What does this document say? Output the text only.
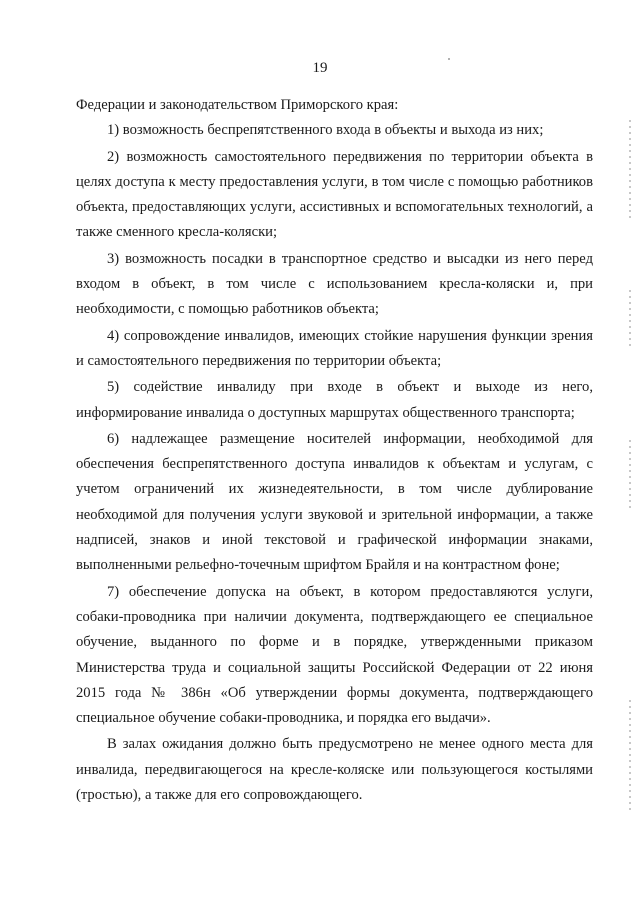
19

Федерации и законодательством Приморского края:

1) возможность беспрепятственного входа в объекты и выхода из них;

2) возможность самостоятельного передвижения по территории объекта в целях доступа к месту предоставления услуги, в том числе с помощью работников объекта, предоставляющих услуги, ассистивных и вспомогательных технологий, а также сменного кресла-коляски;

3) возможность посадки в транспортное средство и высадки из него перед входом в объект, в том числе с использованием кресла-коляски и, при необходимости, с помощью работников объекта;

4) сопровождение инвалидов, имеющих стойкие нарушения функции зрения и самостоятельного передвижения по территории объекта;

5) содействие инвалиду при входе в объект и выходе из него, информирование инвалида о доступных маршрутах общественного транспорта;

6) надлежащее размещение носителей информации, необходимой для обеспечения беспрепятственного доступа инвалидов к объектам и услугам, с учетом ограничений их жизнедеятельности, в том числе дублирование необходимой для получения услуги звуковой и зрительной информации, а также надписей, знаков и иной текстовой и графической информации знаками, выполненными рельефно-точечным шрифтом Брайля и на контрастном фоне;

7) обеспечение допуска на объект, в котором предоставляются услуги, собаки-проводника при наличии документа, подтверждающего ее специальное обучение, выданного по форме и в порядке, утвержденными приказом Министерства труда и социальной защиты Российской Федерации от 22 июня 2015 года № 386н «Об утверждении формы документа, подтверждающего специальное обучение собаки-проводника, и порядка его выдачи».

В залах ожидания должно быть предусмотрено не менее одного места для инвалида, передвигающегося на кресле-коляске или пользующегося костылями (тростью), а также для его сопровождающего.
